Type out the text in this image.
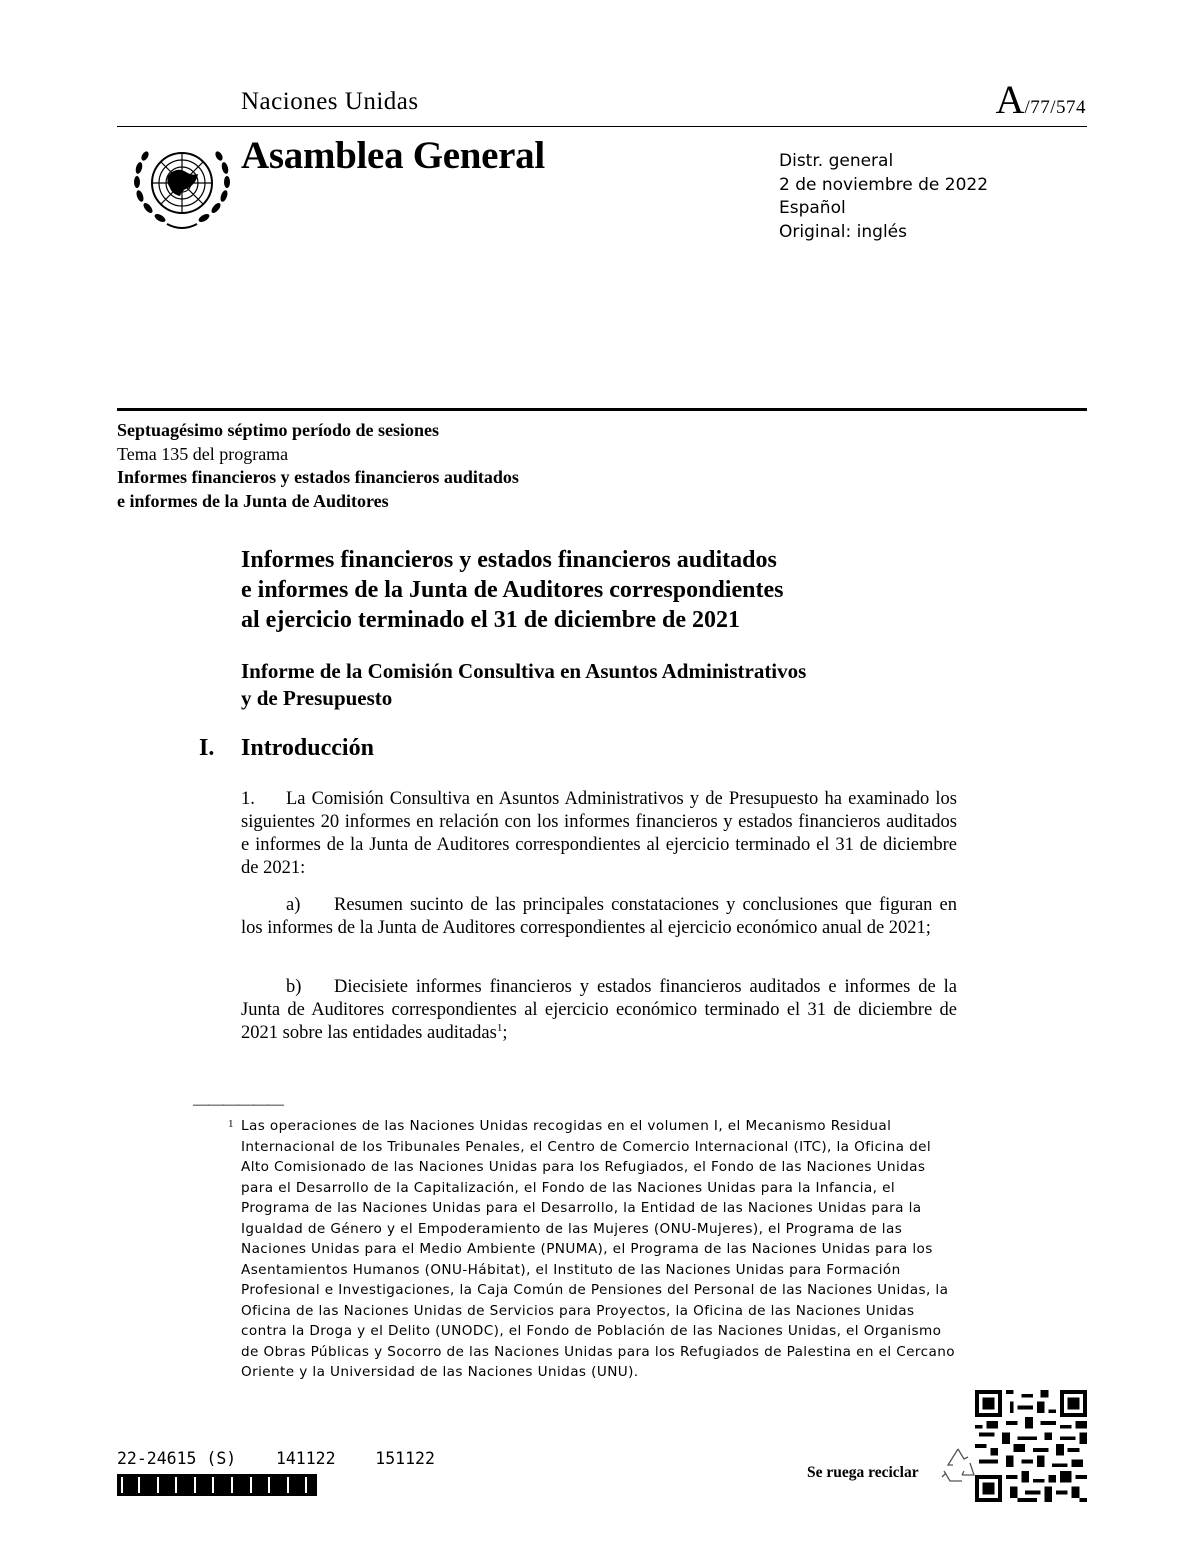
Naciones Unidas	A/77/574
Asamblea General	Distr. general
2 de noviembre de 2022
Español
Original: inglés
Septuagésimo séptimo período de sesiones
Tema 135 del programa
Informes financieros y estados financieros auditados
e informes de la Junta de Auditores
Informes financieros y estados financieros auditados
e informes de la Junta de Auditores correspondientes
al ejercicio terminado el 31 de diciembre de 2021
Informe de la Comisión Consultiva en Asuntos Administrativos
y de Presupuesto
I. Introducción
1. La Comisión Consultiva en Asuntos Administrativos y de Presupuesto ha examinado los siguientes 20 informes en relación con los informes financieros y estados financieros auditados e informes de la Junta de Auditores correspondientes al ejercicio terminado el 31 de diciembre de 2021:
a) Resumen sucinto de las principales constataciones y conclusiones que figuran en los informes de la Junta de Auditores correspondientes al ejercicio económico anual de 2021;
b) Diecisiete informes financieros y estados financieros auditados e informes de la Junta de Auditores correspondientes al ejercicio económico terminado el 31 de diciembre de 2021 sobre las entidades auditadas$^1$;
——————
1 Las operaciones de las Naciones Unidas recogidas en el volumen I, el Mecanismo Residual Internacional de los Tribunales Penales, el Centro de Comercio Internacional (ITC), la Oficina del Alto Comisionado de las Naciones Unidas para los Refugiados, el Fondo de las Naciones Unidas para el Desarrollo de la Capitalización, el Fondo de las Naciones Unidas para la Infancia, el Programa de las Naciones Unidas para el Desarrollo, la Entidad de las Naciones Unidas para la Igualdad de Género y el Empoderamiento de las Mujeres (ONU-Mujeres), el Programa de las Naciones Unidas para el Medio Ambiente (PNUMA), el Programa de las Naciones Unidas para los Asentamientos Humanos (ONU-Hábitat), el Instituto de las Naciones Unidas para Formación Profesional e Investigaciones, la Caja Común de Pensiones del Personal de las Naciones Unidas, la Oficina de las Naciones Unidas de Servicios para Proyectos, la Oficina de las Naciones Unidas contra la Droga y el Delito (UNODC), el Fondo de Población de las Naciones Unidas, el Organismo de Obras Públicas y Socorro de las Naciones Unidas para los Refugiados de Palestina en el Cercano Oriente y la Universidad de las Naciones Unidas (UNU).
22-24615 (S)    141122    151122
Se ruega reciclar
